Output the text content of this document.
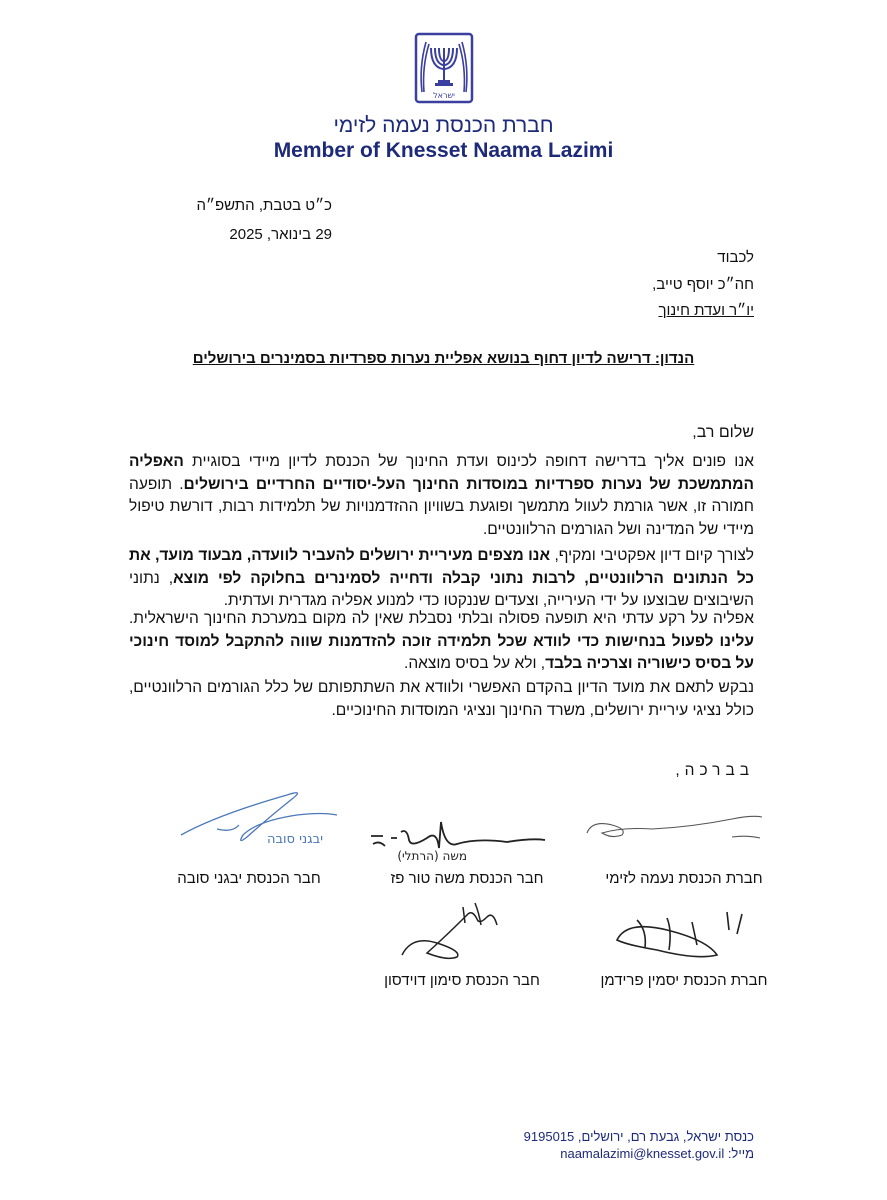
ישראל
חברת הכנסת נעמה לזימי
Member of Knesset Naama Lazimi
כ״ט בטבת, התשפ״ה
29 בינואר, 2025
לכבוד
חה״כ יוסף טייב,
יו״ר ועדת חינוך
הנדון: דרישה לדיון דחוף בנושא אפליית נערות ספרדיות בסמינרים בירושלים
שלום רב,
אנו פונים אליך בדרישה דחופה לכינוס ועדת החינוך של הכנסת לדיון מיידי בסוגיית האפליה המתמשכת של נערות ספרדיות במוסדות החינוך העל-יסודיים החרדיים בירושלים. תופעה חמורה זו, אשר גורמת לעוול מתמשך ופוגעת בשוויון ההזדמנויות של תלמידות רבות, דורשת טיפול מיידי של המדינה ושל הגורמים הרלוונטיים.
לצורך קיום דיון אפקטיבי ומקיף, אנו מצפים מעיריית ירושלים להעביר לוועדה, מבעוד מועד, את כל הנתונים הרלוונטיים, לרבות נתוני קבלה ודחייה לסמינרים בחלוקה לפי מוצא, נתוני השיבוצים שבוצעו על ידי העירייה, וצעדים שננקטו כדי למנוע אפליה מגדרית ועדתית.
אפליה על רקע עדתי היא תופעה פסולה ובלתי נסבלת שאין לה מקום במערכת החינוך הישראלית. עלינו לפעול בנחישות כדי לוודא שכל תלמידה זוכה להזדמנות שווה להתקבל למוסד חינוכי על בסיס כישוריה וצרכיה בלבד, ולא על בסיס מוצאה.
נבקש לתאם את מועד הדיון בהקדם האפשרי ולוודא את השתתפותם של כלל הגורמים הרלוונטיים, כולל נציגי עיריית ירושלים, משרד החינוך ונציגי המוסדות החינוכיים.
בברכה,
חברת הכנסת נעמה לזימי
משה (הרתלי)
חבר הכנסת משה טור פז
יבגני סובה
חבר הכנסת יבגני סובה
חברת הכנסת יסמין פרידמן
חבר הכנסת סימון דוידסון
כנסת ישראל, גבעת רם, ירושלים, 9195015
מייל: naamalazimi@knesset.gov.il
